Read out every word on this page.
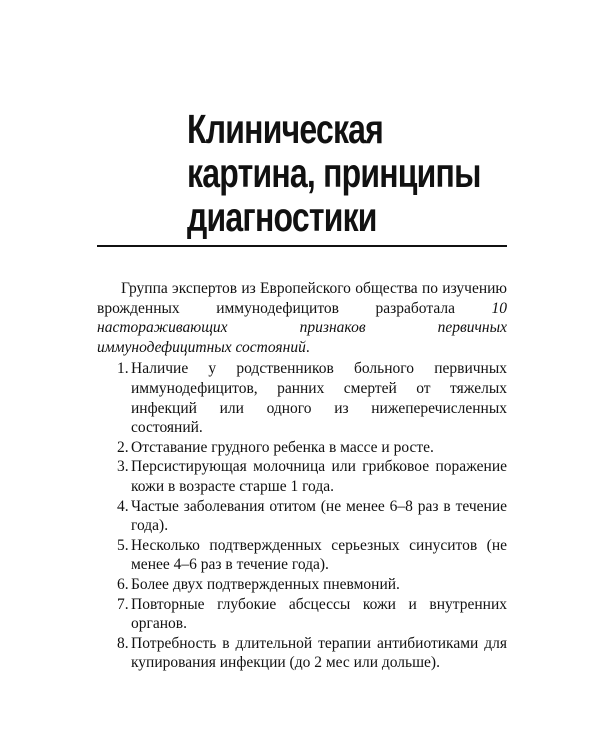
Клиническая
картина, принципы
диагностики

Группа экспертов из Европейского общества по изучению врожденных иммунодефицитов разработала 10 настораживающих признаков первичных иммунодефицитных состояний.

1. Наличие у родственников больного первичных иммунодефицитов, ранних смертей от тяжелых инфекций или одного из нижеперечисленных состояний.
2. Отставание грудного ребенка в массе и росте.
3. Персистирующая молочница или грибковое поражение кожи в возрасте старше 1 года.
4. Частые заболевания отитом (не менее 6–8 раз в течение года).
5. Несколько подтвержденных серьезных синуситов (не менее 4–6 раз в течение года).
6. Более двух подтвержденных пневмоний.
7. Повторные глубокие абсцессы кожи и внутренних органов.
8. Потребность в длительной терапии антибиотиками для купирования инфекции (до 2 мес или дольше).
